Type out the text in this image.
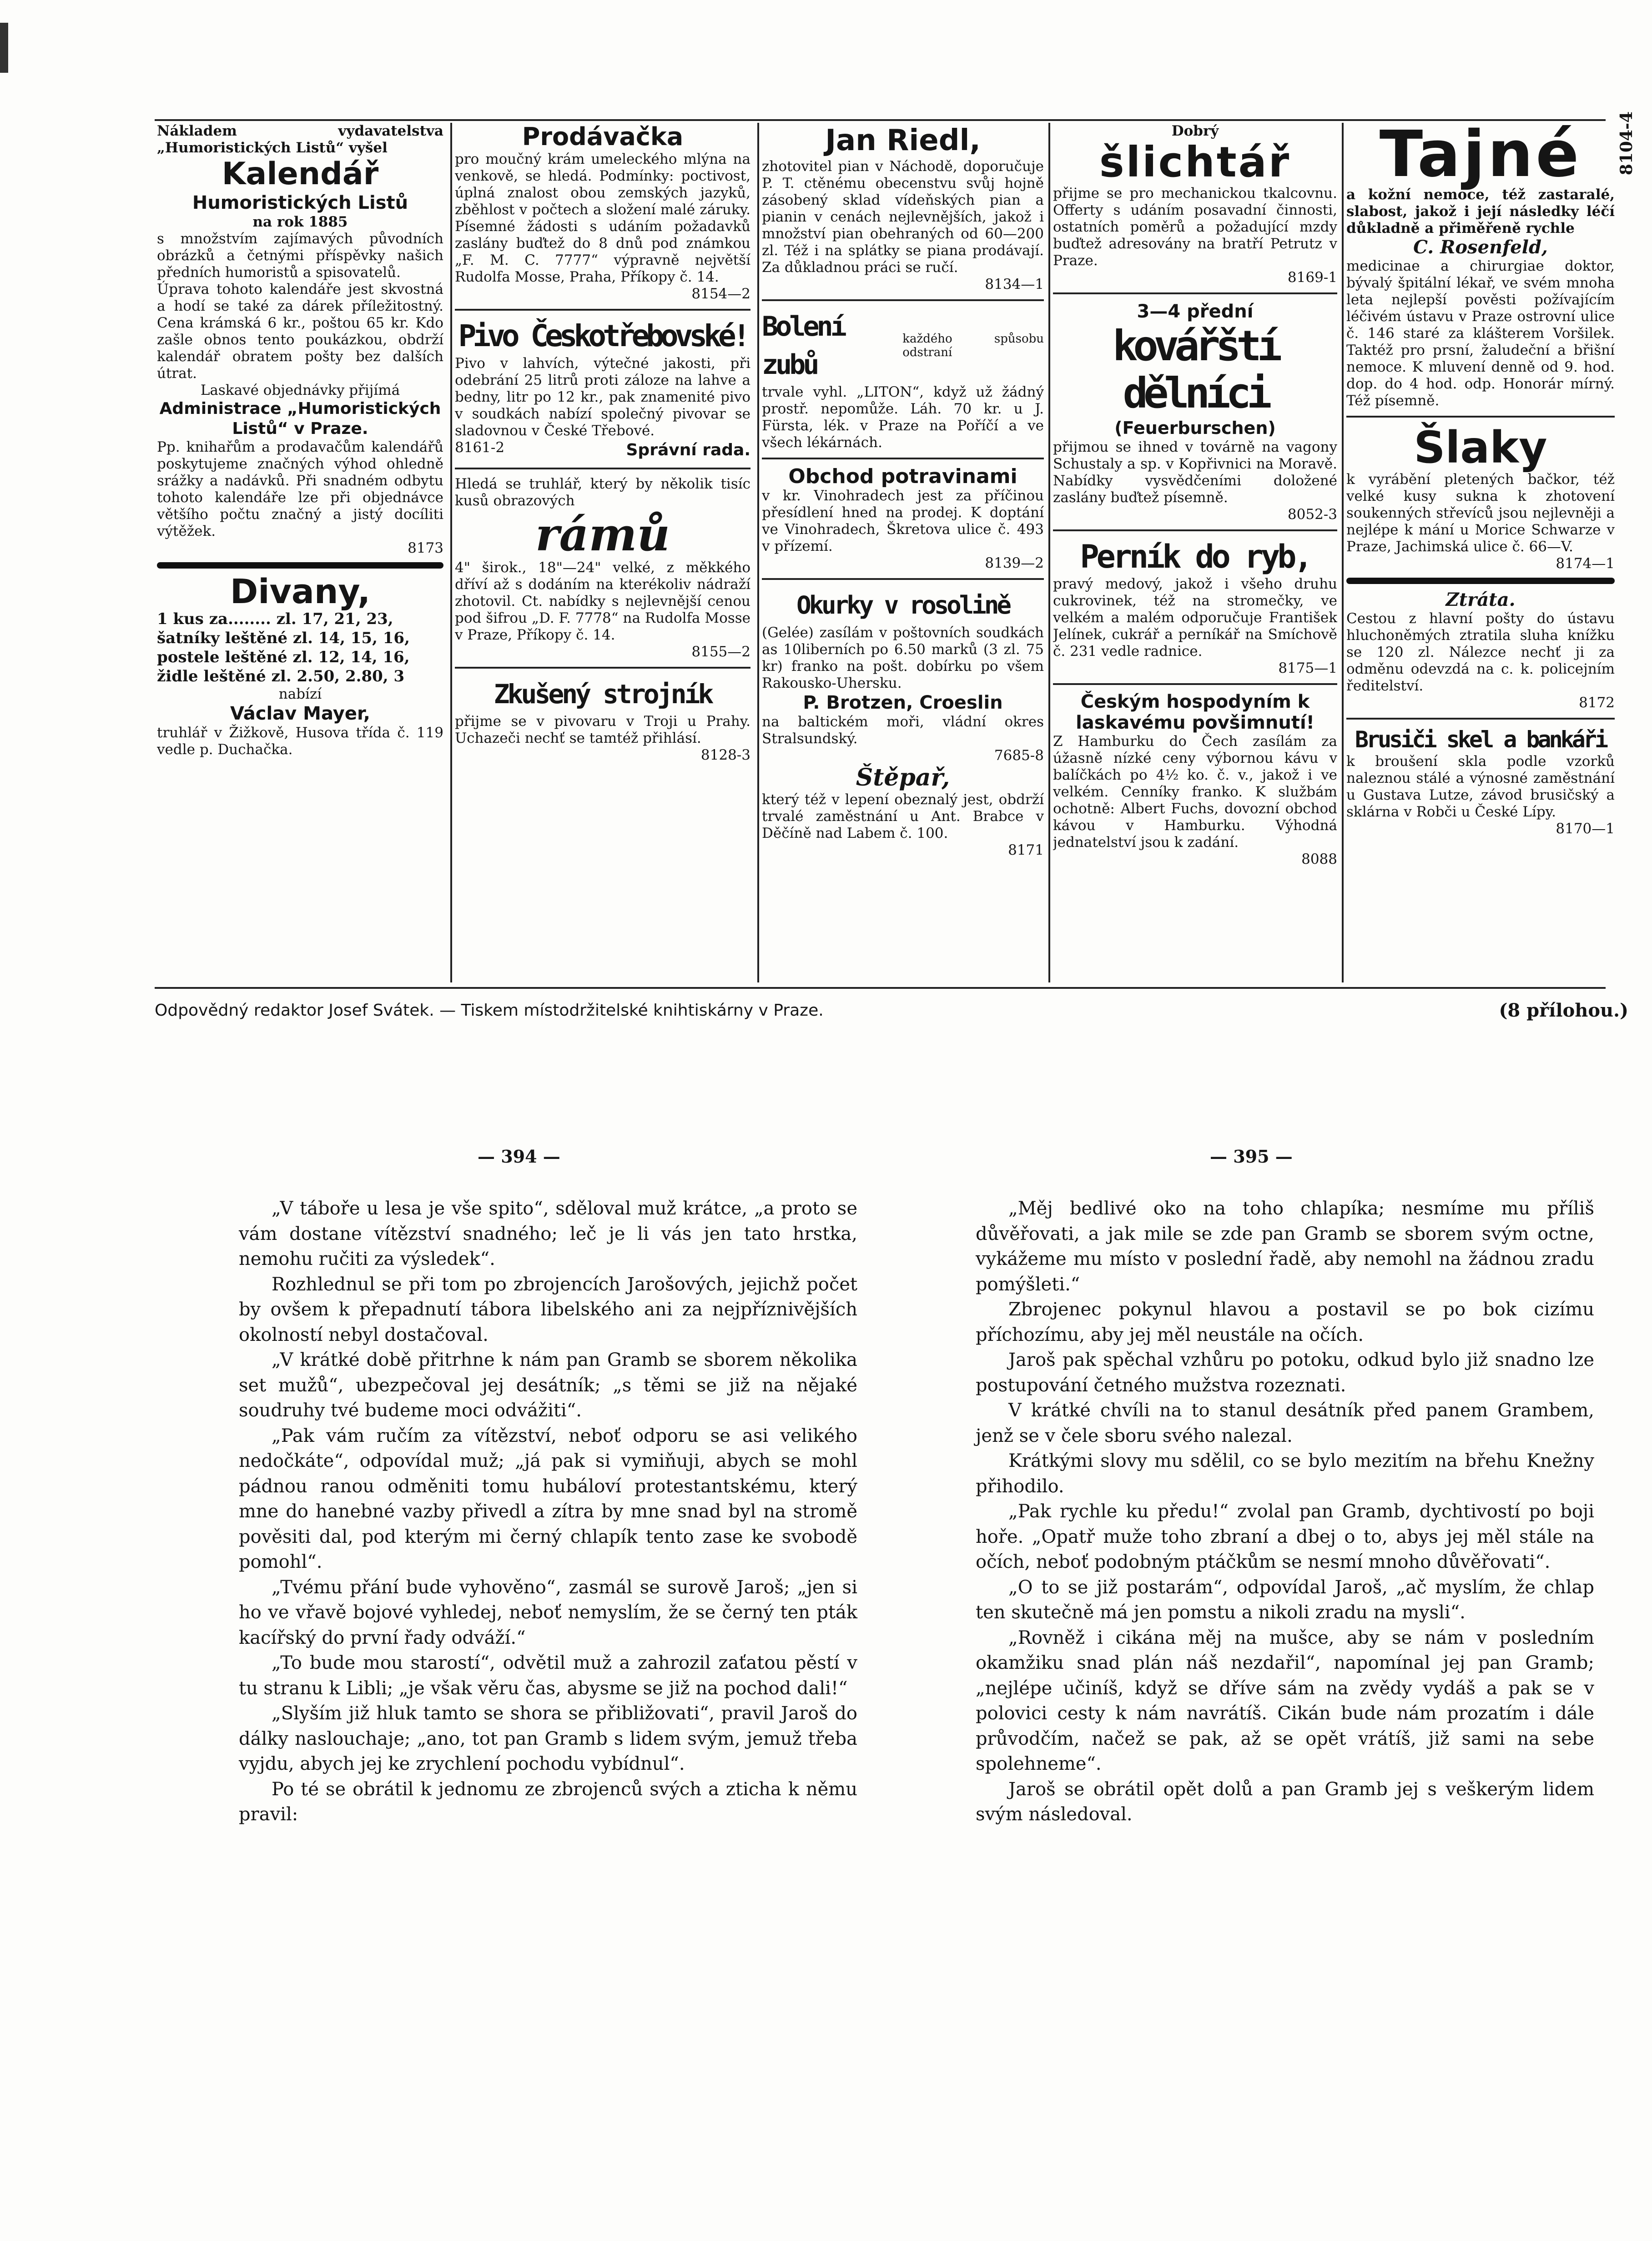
8104-4

Nákladem vydavatelstva „Humoristických Listů“ vyšel

Kalendář
Humoristických Listů
na rok 1885

s množstvím zajímavých původních obrázků a četnými příspěvky našich předních humoristů a spisovatelů.

Úprava tohoto kalendáře jest skvostná a hodí se také za dárek příležitostný. Cena krámská 6 kr., poštou 65 kr. Kdo zašle obnos tento poukázkou, obdrží kalendář obratem pošty bez dalších útrat.

Laskavé objednávky přijímá

Administrace „Humoristických Listů“ v Praze.

Pp. knihařům a prodavačům kalendářů poskytujeme značných výhod ohledně srážky a nadávků. Při snadném odbytu tohoto kalendáře lze při objednávce většího počtu značný a jistý docíliti výtěžek.

8173

Divany,
1 kus za........ zl. 17, 21, 23,
šatníky leštěné zl. 14, 15, 16,
postele leštěné zl. 12, 14, 16,
židle leštěné zl. 2.50, 2.80, 3
nabízí
Václav Mayer,

truhlář v Žižkově, Husova třída č. 119 vedle p. Duchačka.

Prodávačka

pro moučný krám umeleckého mlýna na venkově, se hledá. Podmínky: poctivost, úplná znalost obou zemských jazyků, zběhlost v počtech a složení malé záruky. Písemné žádosti s udáním požadavků zaslány buďtež do 8 dnů pod známkou „F. M. C. 7777“ výpravně největší Rudolfa Mosse, Praha, Příkopy č. 14.

8154—2

Pivo Českotřebovské!

Pivo v lahvích, výtečné jakosti, při odebrání 25 litrů proti záloze na lahve a bedny, litr po 12 kr., pak znamenité pivo v soudkách nabízí společný pivovar se sladovnou v České Třebové.

8161-2	Správní rada.

Hledá se truhlář, který by několik tisíc kusů obrazových

rámů

4" širok., 18"—24" velké, z měkkého dříví až s dodáním na kterékoliv nádraží zhotovil. Ct. nabídky s nejlevnější cenou pod šifrou „D. F. 7778“ na Rudolfa Mosse v Praze, Příkopy č. 14.

8155—2

Zkušený strojník

přijme se v pivovaru v Troji u Prahy. Uchazeči nechť se tamtéž přihlásí.

8128-3

Jan Riedl,

zhotovitel pian v Náchodě, doporučuje P. T. ctěnému obecenstvu svůj hojně zásobený sklad vídeňských pian a pianin v cenách nejlevnějších, jakož i množství pian obehraných od 60—200 zl. Též i na splátky se piana prodávají. Za důkladnou práci se ručí.

8134—1

Bolení zubů
každého spůsobu odstraní

trvale vyhl. „LITON“, když už žádný prostř. nepomůže. Láh. 70 kr. u J. Fürsta, lék. v Praze na Poříčí a ve všech lékárnách.

Obchod potravinami

v kr. Vinohradech jest za příčinou přesídlení hned na prodej. K doptání ve Vinohradech, Škretova ulice č. 493 v přízemí.

8139—2

Okurky v rosolině

(Gelée) zasílám v poštovních soudkách as 10liberních po 6.50 marků (3 zl. 75 kr) franko na pošt. dobírku po všem Rakousko-Uhersku.

P. Brotzen, Croeslin

na baltickém moři, vládní okres Stralsundský.

7685-8

Štěpař,

který též v lepení obeznalý jest, obdrží trvalé zaměstnání u Ant. Brabce v Děčíně nad Labem č. 100.

8171

Dobrý
šlichtář

přijme se pro mechanickou tkalcovnu. Offerty s udáním posavadní činnosti, ostatních poměrů a požadující mzdy buďtež adresovány na bratří Petrutz v Praze.

8169-1

3—4 přední
kovářští dělníci
(Feuerburschen)

přijmou se ihned v továrně na vagony Schustaly a sp. v Kopřivnici na Moravě. Nabídky vysvědčeními doložené zaslány buďtež písemně.

8052-3

Perník do ryb,

pravý medový, jakož i všeho druhu cukrovinek, též na stromečky, ve velkém a malém odporučuje František Jelínek, cukrář a perníkář na Smíchově č. 231 vedle radnice.

8175—1

Českým hospodyním k laskavému povšimnutí!

Z Hamburku do Čech zasílám za úžasně nízké ceny výbornou kávu v balíčkách po 4½ ko. č. v., jakož i ve velkém. Cenníky franko. K službám ochotně: Albert Fuchs, dovozní obchod kávou v Hamburku. Výhodná jednatelství jsou k zadání.

8088

Tajné

a kožní nemoce, též zastaralé, slabost, jakož i její následky léčí důkladně a přiměřeně rychle

C. Rosenfeld,

medicinae a chirurgiae doktor, bývalý špitální lékař, ve svém mnoha leta nejlepší pověsti požívajícím léčivém ústavu v Praze ostrovní ulice č. 146 staré za klášterem Voršilek. Taktéž pro prsní, žaludeční a břišní nemoce. K mluvení denně od 9. hod. dop. do 4 hod. odp. Honorár mírný. Též písemně.

Šlaky

k vyrábění pletených bačkor, též velké kusy sukna k zhotovení soukenných střevíců jsou nejlevněji a nejlépe k mání u Morice Schwarze v Praze, Jachimská ulice č. 66—V.

8174—1

Ztráta.

Cestou z hlavní pošty do ústavu hluchoněmých ztratila sluha knížku se 120 zl. Nálezce nechť ji za odměnu odevzdá na c. k. policejním ředitelství.

8172

Brusiči skel a bankáři

k broušení skla podle vzorků naleznou stálé a výnosné zaměstnání u Gustava Lutze, závod brusičský a sklárna v Robči u České Lípy.

8170—1

Odpovědný redaktor Josef Svátek. — Tiskem místodržitelské knihtiskárny v Praze.	(8 přílohou.)
— 394 —	— 395 —

„V táboře u lesa je vše spito“, sděloval muž krátce, „a proto se vám dostane vítězství snadného; leč je li vás jen tato hrstka, nemohu ručiti za výsledek“.

Rozhlednul se při tom po zbrojencích Jarošových, jejichž počet by ovšem k přepadnutí tábora libelského ani za nejpříznivějších okolností nebyl dostačoval.

„V krátké době přitrhne k nám pan Gramb se sborem několika set mužů“, ubezpečoval jej desátník; „s těmi se již na nějaké soudruhy tvé budeme moci odvážiti“.

„Pak vám ručím za vítězství, neboť odporu se asi velikého nedočkáte“, odpovídal muž; „já pak si vymiňuji, abych se mohl pádnou ranou odměniti tomu hubáloví protestantskému, který mne do hanebné vazby přivedl a zítra by mne snad byl na stromě pověsiti dal, pod kterým mi černý chlapík tento zase ke svobodě pomohl“.

„Tvému přání bude vyhověno“, zasmál se surově Jaroš; „jen si ho ve vřavě bojové vyhledej, neboť nemyslím, že se černý ten pták kacířský do první řady odváží.“

„To bude mou starostí“, odvětil muž a zahrozil zaťatou pěstí v tu stranu k Libli; „je však věru čas, abysme se již na pochod dali!“

„Slyším již hluk tamto se shora se přibližovati“, pravil Jaroš do dálky naslouchaje; „ano, tot pan Gramb s lidem svým, jemuž třeba vyjdu, abych jej ke zrychlení pochodu vybídnul“.

Po té se obrátil k jednomu ze zbrojenců svých a zticha k němu pravil:

„Měj bedlivé oko na toho chlapíka; nesmíme mu příliš důvěřovati, a jak mile se zde pan Gramb se sborem svým octne, vykážeme mu místo v poslední řadě, aby nemohl na žádnou zradu pomýšleti.“

Zbrojenec pokynul hlavou a postavil se po bok cizímu příchozímu, aby jej měl neustále na očích.

Jaroš pak spěchal vzhůru po potoku, odkud bylo již snadno lze postupování četného mužstva rozeznati.

V krátké chvíli na to stanul desátník před panem Grambem, jenž se v čele sboru svého nalezal.

Krátkými slovy mu sdělil, co se bylo mezitím na břehu Knežny přihodilo.

„Pak rychle ku předu!“ zvolal pan Gramb, dychtivostí po boji hoře. „Opatř muže toho zbraní a dbej o to, abys jej měl stále na očích, neboť podobným ptáčkům se nesmí mnoho důvěřovati“.

„O to se již postarám“, odpovídal Jaroš, „ač myslím, že chlap ten skutečně má jen pomstu a nikoli zradu na mysli“.

„Rovněž i cikána měj na mušce, aby se nám v posledním okamžiku snad plán náš nezdařil“, napomínal jej pan Gramb; „nejlépe učiníš, když se dříve sám na zvědy vydáš a pak se v polovici cesty k nám navrátíš. Cikán bude nám prozatím i dále průvodčím, načež se pak, až se opět vrátíš, již sami na sebe spolehneme“.

Jaroš se obrátil opět dolů a pan Gramb jej s veškerým lidem svým následoval.
